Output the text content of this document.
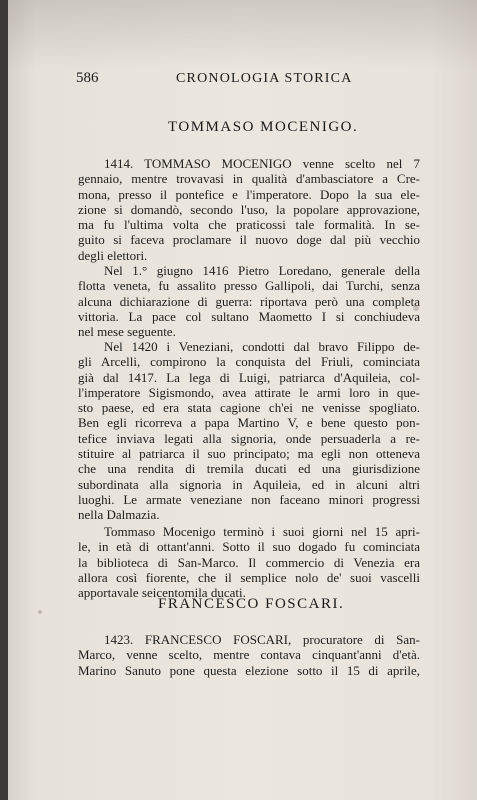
586	CRONOLOGIA STORICA
TOMMASO MOCENIGO.
1414. TOMMASO MOCENIGO venne scelto nel 7
gennaio, mentre trovavasi in qualità d'ambasciatore a Cre-
mona, presso il pontefice e l'imperatore. Dopo la sua ele-
zione si domandò, secondo l'uso, la popolare approvazione,
ma fu l'ultima volta che praticossi tale formalità. In se-
guito si faceva proclamare il nuovo doge dal più vecchio
degli elettori.
Nel 1.° giugno 1416 Pietro Loredano, generale della
flotta veneta, fu assalito presso Gallipoli, dai Turchi, senza
alcuna dichiarazione di guerra: riportava però una completa
vittoria. La pace col sultano Maometto I si conchiudeva
nel mese seguente.
Nel 1420 i Veneziani, condotti dal bravo Filippo de-
gli Arcelli, compirono la conquista del Friuli, cominciata
già dal 1417. La lega di Luigi, patriarca d'Aquileia, col-
l'imperatore Sigismondo, avea attirate le armi loro in que-
sto paese, ed era stata cagione ch'ei ne venisse spogliato.
Ben egli ricorreva a papa Martino V, e bene questo pon-
tefice inviava legati alla signoria, onde persuaderla a re-
stituire al patriarca il suo principato; ma egli non otteneva
che una rendita di tremila ducati ed una giurisdizione
subordinata alla signoria in Aquileia, ed in alcuni altri
luoghi. Le armate veneziane non faceano minori progressi
nella Dalmazia.
Tommaso Mocenigo terminò i suoi giorni nel 15 apri-
le, in età di ottant'anni. Sotto il suo dogado fu cominciata
la biblioteca di San-Marco. Il commercio di Venezia era
allora così fiorente, che il semplice nolo de' suoi vascelli
apportavale seicentomila ducati.
FRANCESCO FOSCARI.
1423. FRANCESCO FOSCARI, procuratore di San-
Marco, venne scelto, mentre contava cinquant'anni d'età.
Marino Sanuto pone questa elezione sotto il 15 di aprile,
